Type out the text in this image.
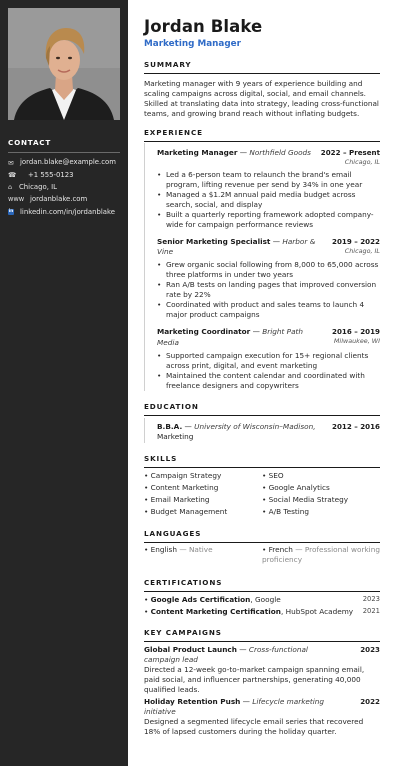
CONTACT
✉ jordan.blake@example.com
☎	+1 555-0123
⌂ Chicago, IL
www jordanblake.com
in linkedin.com/in/jordanblake
Jordan Blake
Marketing Manager
SUMMARY

Marketing manager with 9 years of experience building and scaling campaigns across digital, social, and email channels. Skilled at translating data into strategy, leading cross-functional teams, and growing brand reach without inflating budgets.

EXPERIENCE
Marketing Manager — Northfield Goods	2022 – Present
Chicago, IL
• Led a 6-person team to relaunch the brand's email program, lifting revenue per send by 34% in one year
• Managed a $1.2M annual paid media budget across search, social, and display
• Built a quarterly reporting framework adopted company-wide for campaign performance reviews
Senior Marketing Specialist — Harbor & Vine
2019 – 2022
Chicago, IL
• Grew organic social following from 8,000 to 65,000 across three platforms in under two years
• Ran A/B tests on landing pages that improved conversion rate by 22%
• Coordinated with product and sales teams to launch 4 major product campaigns
Marketing Coordinator — Bright Path Media
2016 – 2019
Milwaukee, WI
• Supported campaign execution for 15+ regional clients across print, digital, and event marketing
• Maintained the content calendar and coordinated with freelance designers and copywriters
EDUCATION
B.B.A. — University of Wisconsin–Madison, Marketing
2012 – 2016
SKILLS
• Campaign Strategy	• SEO
• Content Marketing	• Google Analytics
• Email Marketing	• Social Media Strategy
• Budget Management	• A/B Testing
LANGUAGES
• English — Native	• French — Professional working proficiency
CERTIFICATIONS
• Google Ads Certification, Google	2023
• Content Marketing Certification, HubSpot Academy 2021
KEY CAMPAIGNS
Global Product Launch — Cross-functional campaign lead
2023
Directed a 12-week go-to-market campaign spanning email, paid social, and influencer partnerships, generating 40,000 qualified leads.
Holiday Retention Push — Lifecycle marketing initiative
2022
Designed a segmented lifecycle email series that recovered 18% of lapsed customers during the holiday quarter.
